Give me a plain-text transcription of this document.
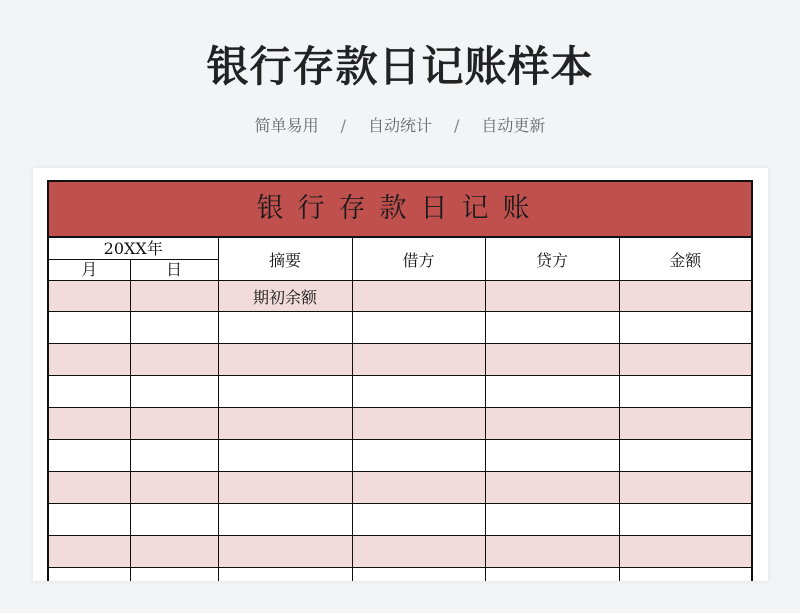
银行存款日记账样本
简单易用 / 自动统计 / 自动更新
银行存款日记账
20XX年		摘要	借方	贷方	金额
月	日				
		期初余额			
